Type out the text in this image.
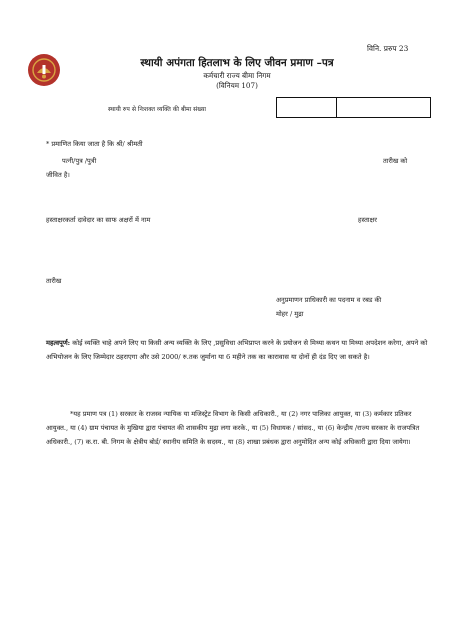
विनि. प्ररुप 23
स्थायी अपंगता हितलाभ के लिए जीवन प्रमाण –पत्र
कर्मचारी राज्य बीमा निगम
(विनियम 107)
स्थायी रुप से निःशक्त व्यक्ति की बीमा संख्या
* प्रमाणित किया जाता है कि श्री/ श्रीमती
पत्नी/पुत्र /पुत्री	तारीख को
जीवित है।
हस्ताक्षरकर्ता दावेदार का साफ अक्षरों में नाम	हस्ताक्षर
तारीख
अनुप्रमाणन प्राधिकारी का पदनाम व रबड की
मोहर / मुद्रा
महत्वपूर्ण: कोई व्यक्ति चाहे अपने लिए या किसी अन्य व्यक्ति के लिए ,प्रसुविधा अभिप्राप्त करने के प्रयोजन से मिथ्या कथन या मिथ्या अपदेशन करेगा, अपने को अभियोजन के लिए जिम्मेदार ठहराएगा और उसे 2000/ रु.तक जुर्माना या 6 महीने तक का कारावास या दोनों ही दंड दिए जा सकते है।
*यह प्रमाण पत्र (1) सरकार के राजस्व न्यायिक या मजिस्ट्रेट विभाग के किसी अधिकारी., या (2) नगर पालिका आयुक्त, या (3) कर्मकार प्रतिकर आयुक्त., या (4) ग्राम पंचायत के मुखिया द्वारा पंचायत की शासकीय मुद्रा लगा करके., या (5) विधायक / सांसद., या (6) केन्द्रीय /राज्य सरकार के राजपत्रित अधिकारी., (7) क.रा. बी. निगम के क्षेत्रीय बोर्ड/ स्थानीय समिति के सदस्य., या (8) शाखा प्रबंधक द्वारा अनुमोदित अन्य कोई अधिकारी द्वारा दिया जायेगा।
